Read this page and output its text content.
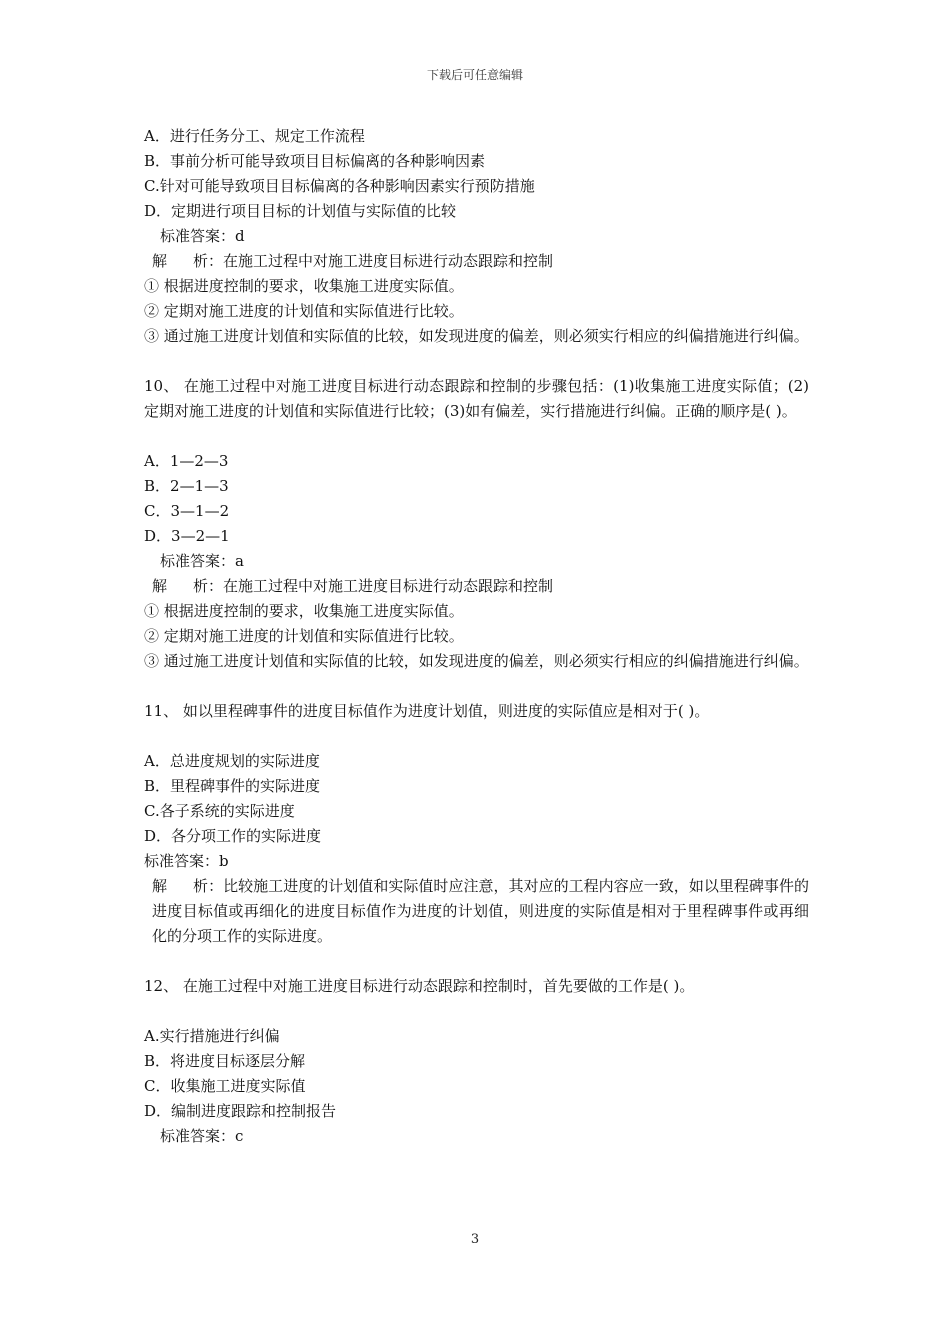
下载后可任意编辑
A．进行任务分工、规定工作流程
B．事前分析可能导致项目目标偏离的各种影响因素
C.针对可能导致项目目标偏离的各种影响因素实行预防措施
D．定期进行项目目标的计划值与实际值的比较
标准答案：d
解 析：在施工过程中对施工进度目标进行动态跟踪和控制
① 根据进度控制的要求，收集施工进度实际值。
② 定期对施工进度的计划值和实际值进行比较。
③ 通过施工进度计划值和实际值的比较，如发现进度的偏差，则必须实行相应的纠偏措施进行纠偏。
10、 在施工过程中对施工进度目标进行动态跟踪和控制的步骤包括：(1)收集施工进度实际值；(2)定期对施工进度的计划值和实际值进行比较；(3)如有偏差，实行措施进行纠偏。正确的顺序是( )。
A．1—2—3
B．2—1—3
C．3—1—2
D．3—2—1
标准答案：a
解 析：在施工过程中对施工进度目标进行动态跟踪和控制
① 根据进度控制的要求，收集施工进度实际值。
② 定期对施工进度的计划值和实际值进行比较。
③ 通过施工进度计划值和实际值的比较，如发现进度的偏差，则必须实行相应的纠偏措施进行纠偏。
11、 如以里程碑事件的进度目标值作为进度计划值，则进度的实际值应是相对于( )。
A．总进度规划的实际进度
B．里程碑事件的实际进度
C.各子系统的实际进度
D．各分项工作的实际进度
标准答案：b
解 析：比较施工进度的计划值和实际值时应注意，其对应的工程内容应一致，如以里程碑事件的进度目标值或再细化的进度目标值作为进度的计划值，则进度的实际值是相对于里程碑事件或再细化的分项工作的实际进度。
12、 在施工过程中对施工进度目标进行动态跟踪和控制时，首先要做的工作是( )。
A.实行措施进行纠偏
B．将进度目标逐层分解
C．收集施工进度实际值
D．编制进度跟踪和控制报告
标准答案：c
3
